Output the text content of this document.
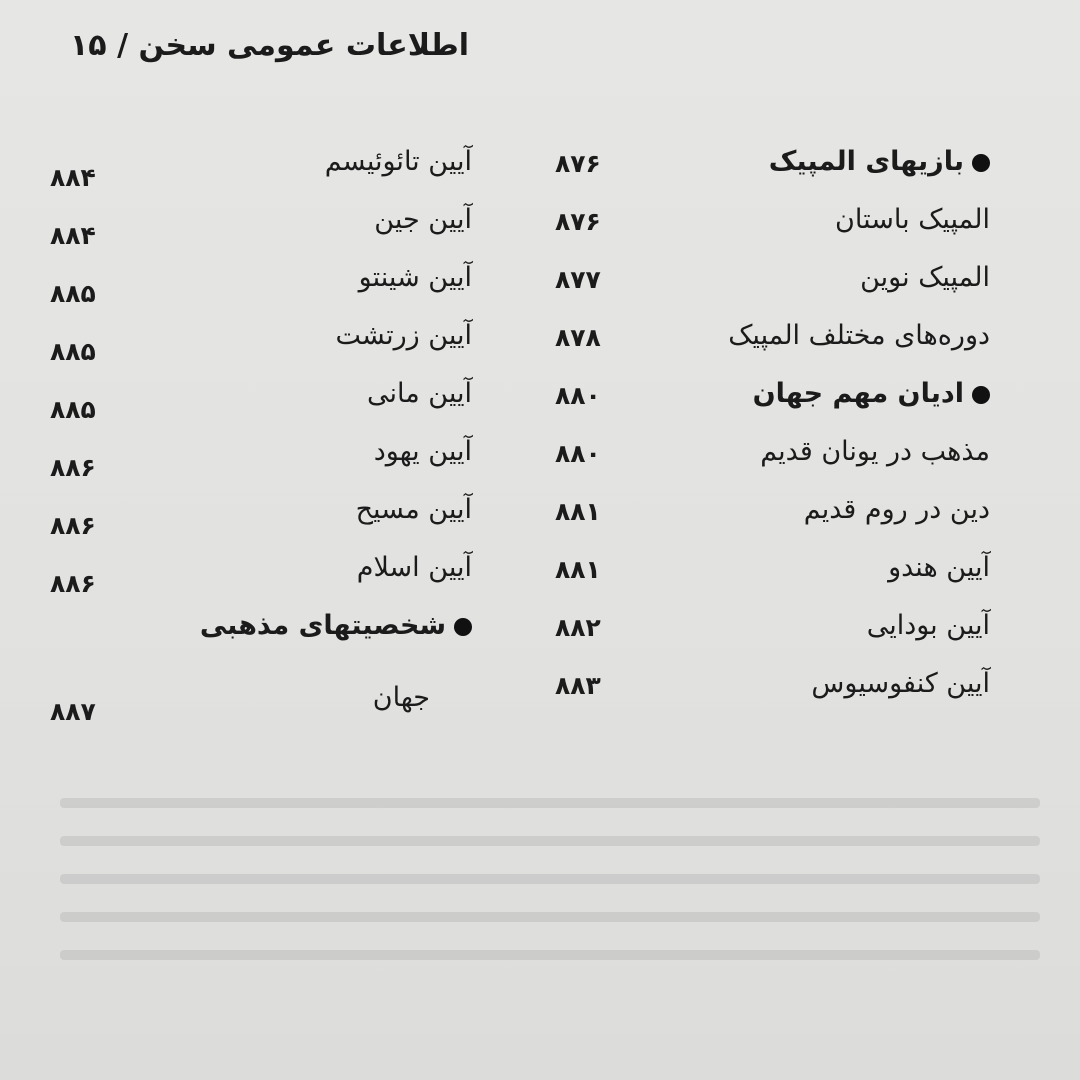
اطلاعات عمومی سخن / ۱۵
بازیهای المپیک
۸۷۶
المپیک باستان
۸۷۶
المپیک نوین
۸۷۷
دوره‌های مختلف المپیک
۸۷۸
ادیان مهم جهان
۸۸۰
مذهب در یونان قدیم
۸۸۰
دین در روم قدیم
۸۸۱
آیین هندو
۸۸۱
آیین بودایی
۸۸۲
آیین کنفوسیوس
۸۸۳
آیین تائوئیسم
۸۸۴
آیین جین
۸۸۴
آیین شینتو
۸۸۵
آیین زرتشت
۸۸۵
آیین مانی
۸۸۵
آیین یهود
۸۸۶
آیین مسیح
۸۸۶
آیین اسلام
۸۸۶
شخصیتهای مذهبی
جهان
۸۸۷
